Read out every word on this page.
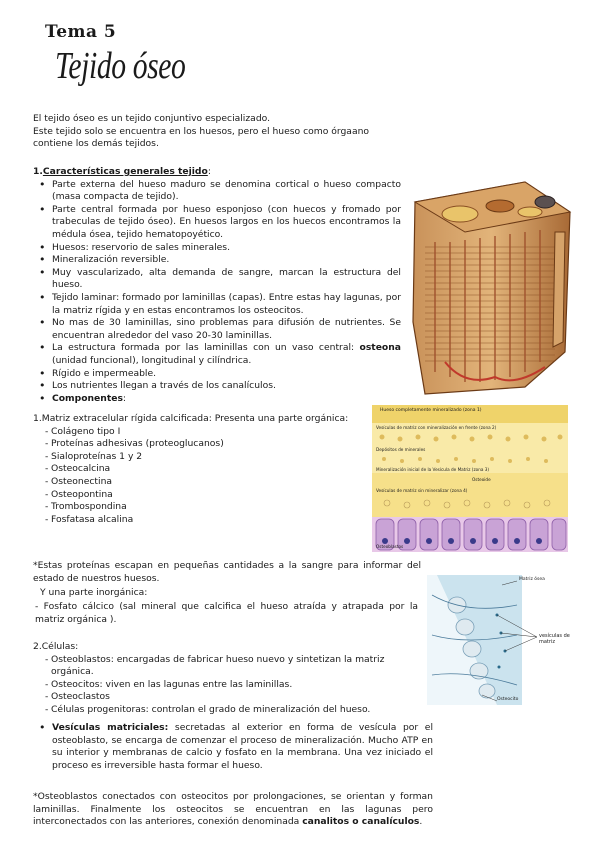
Tema 5
Tejido óseo
El tejido óseo es un tejido conjuntivo especializado.
Este tejido solo se encuentra en los huesos, pero el hueso como órgaano contiene los demás tejidos.
1.Características generales tejido:
• Parte externa del hueso maduro se denomina cortical o hueso compacto (masa compacta de tejido).
• Parte central formada por hueso esponjoso (con huecos y fromado por trabeculas de tejido óseo). En huesos largos en los huecos encontramos la médula ósea, tejido hematopoyético.
• Huesos: reservorio de sales minerales.
• Mineralización reversible.
• Muy vascularizado, alta demanda de sangre, marcan la estructura del hueso.
• Tejido laminar: formado por laminillas (capas). Entre estas hay lagunas, por la matriz rígida y en estas encontramos los osteocitos.
• No mas de 30 laminillas, sino problemas para difusión de nutrientes. Se encuentran alrededor del vaso 20-30 laminillas.
• La estructura formada por las laminillas con un vaso central: osteona (unidad funcional), longitudinal y cilíndrica.
• Rígido e impermeable.
• Los nutrientes llegan a través de los canalículos.
• Componentes:
1.Matriz extracelular rígida calcificada: Presenta una parte orgánica:
- Colágeno tipo I
- Proteínas adhesivas (proteoglucanos)
- Sialoproteínas 1 y 2
- Osteocalcina
- Osteonectina
- Osteopontina
- Trombospondina
- Fosfatasa alcalina
*Estas proteínas escapan en pequeñas cantidades a la sangre para informar del estado de nuestros huesos.
Y una parte inorgánica:
- Fosfato cálcico (sal mineral que calcifica el hueso atraída y atrapada por la matriz orgánica ).
2.Células:
- Osteoblastos: encargadas de fabricar hueso nuevo y sintetizan la matriz orgánica.
- Osteocitos: viven en las lagunas entre las laminillas.
- Osteoclastos
- Células progenitoras: controlan el grado de mineralización del hueso.
• Vesículas matriciales: secretadas al exterior en forma de vesícula por el osteoblasto, se encarga de comenzar el proceso de mineralización. Mucho ATP en su interior y membranas de calcio y fosfato en la membrana. Una vez iniciado el proceso es irreversible hasta formar el hueso.
*Osteoblastos conectados con osteocitos por prolongaciones, se orientan y forman laminillas. Finalmente los osteocitos se encuentran en las lagunas pero interconectados con las anteriores, conexión denominada canalitos o canalículos.
Hueso completamente mineralizado (zona 1)
Vesículas de matriz con mineralización en frente (zona 2)
Depósitos de minerales
Mineralización inicial de la Vesícula de Matriz (zona 3)
Osteoide
Vesículas de matriz sin mineralizar (zona 4)
Osteoblastos
Matriz ósea
vesículas de matriz
Osteocito
